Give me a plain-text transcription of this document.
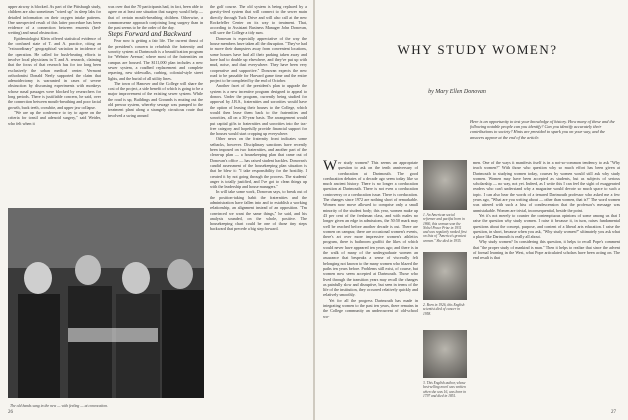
upper airway is blocked. As part of the Pittsburgh study, children are also sometimes "wired up" in sleep labs for detailed information on their oxygen intake patterns. One unexpected result of this latter procedure has been evidence of a connection between enuresis (bed-wetting) and nasal obstruction.

Epidemiologist Klein offered statistical evidence of the confused state of T. and A. practice, citing an "extraordinary" geographical variation in incidence of the operation. He called for bush-beating efforts to involve local physicians in T. and A. research, claiming that the focus of that research has for too long been exclusively the urban medical center. Vermont orthodontist Donald Neely supported the claim that adenoidectomy is warranted in cases of severe obstruction by discussing experiments with monkeys whose nasal passages were blocked by researchers for long periods. There is justifiable concern, he said, over the connection between mouth-breathing and poor facial growth, buck teeth, crossbite, and upper jaw collapse.

"We are up the conference to try to agree on the criteria for tonsil and adenoid surgery," said Weider, who felt when it

was over that the 70 participants had, in fact, been able to agree on at least one situation that surgery would help — that of certain mouth-breathing children. Otherwise, a commonsense approach conjoining long surgery than in the past seems to be the order of the day.

Steps Forward and Backward

Fear now is getting a fair life. The current thrust of the president's concern to refurbish the fraternity and sorority system at Dartmouth is a beautification program for 'Webster Avenue,' where most of the fraternities on campus are housed. The $111,000 plan includes a new sewer system, a roadbed replacement and complete repaving, new sidewalks, curbing, colonial-style street lights, and the burial of all utility lines.

The town of Hanover and the College will share the cost of the project, a side benefit of which is going to be a major improvement of the existing sewer system. While the road is up, Buildings and Grounds is muting out the old prewar system, whereby sewage was pumped to the treatment plant along a strangely circuitous route that involved a swing around

the golf course. The old system is being replaced by a gravity-feed system that will connect to the sewer main directly through Tuck Drive and will also call at the new Rockefeller Center on its way to treatment. That, according to Assistant Business Manager John Donovan, will save the College a tidy sum.

Donovan is especially appreciative of the way the house members have taken all the disruption. "They've had to move their dumpsters away from convenient locations, some houses have had all their parking taken away and have had to double up elsewhere, and they've put up with mud, noise, and dust everywhere. They have been very cooperative and supportive." Donovan expects the new road to be passable for Harvard game time and the entire project to be completed by the end of October.

Another facet of the president's plan to upgrade the system is a new incentive program designed to appeal to donors. Under the program, currently being studied for approval by J.B.S., fraternities and sororities would have the option of leasing their houses to the College, which would then lease them back to the fraternities and sororities, all on a 30-year basis. The arrangement would put capital gifts to fraternities and sororities into the tax-free category and hopefully provide financial support for the houses would start cropping up everywhere.

Other news on the fraternity front indicates some setbacks, however. Disciplinary sanctions have recently been imposed on two fraternities, and another part of the clean-up plan — a housekeeping plan that came out of Donovan's office — has raised student hackles. Donovan's candid assessment of the housekeeping plan situation is that he blew it: "I take responsibility for the hostility. I created it by not going through the process. The students' anger is totally justified, and I've got to clean things up with the leadership and house managers."

In will take some work, Donovan says, to break out of the position-taking habit the fraternities and the administration have fallen into and to establish a working relationship, an alignment instead of an opposition. "I'm convinced we want the same things," he said, and his analysis sounded, on the whole, positive. The housekeeping chart could be one of those tiny steps backward that precede a big step forward.

The old hands sang in the new — with feeling — at convocation.
26
WHY STUDY WOMEN?
by Mary Ellen Donovan
Here is an opportunity to test your knowledge of history. How many of these and the following notable people can you identify? Can you identify accurately their contributions to society? Hints are provided to spark you on your way, and the answers appear at the end of the article.

Wer study women? This seems an appropriate question to ask on the tenth anniversary of coeducation at Dartmouth. The good coeducation debates of a decade ago seem today like so much ancient history. There is no longer a coeducation question at Dartmouth. There is not even a coeducation controversy or a coeducation issue. There is coeducation. The changes since 1972 are nothing short of remarkable. Women now move allowed to comprise only a small minority of the student body; this year, women make up 43 per cent of the freshman class, and with males no longer given an edge in admissions, the 50:50 mark may well be reached before another decade is out. There are women on campus; there are occasional women's events, there's art over more impressive women's athletics program, there is bathroom graffiti the likes of which would never have appeared ten years ago; and there is in the walk of many of the undergraduate women an assurance that bespeaks a sense of viscerally felt belonging not known to the many women who blazed the paths ten years before. Problems still exist, of course, but women now seem accepted at Dartmouth. Those who lived through the transition years may recall the changes as painfully slow and disruptive, but seen in terms of the life of the institution, they occurred relatively quickly and relatively smoothly.

Yet for all the progress Dartmouth has made in integrating women to the past ten years, there remains in the College community an undercurrent of old-school wo-

1. An American social reformer and pacifist born in 1860, this woman won the Nobel Peace Prize in 1931 and was regularly ranked first on lists of "America's greatest women." She died in 1935.
2. Born in 1926, this English scientist died of cancer in 1958.
3. This English author, whose best-selling novel was written when she was 16, was born in 1797 and died in 1851.

men. One of the ways it manifests itself is in a not-so-common tendency to ask "Why teach women?" With those who question why so much effort has been given at Dartmouth to studying women today, courses by women would still ask why study women. Women may have been accepted as students, but as subjects of serious scholarship — no way, not yet. Indeed, as I write this I can feel the sight of exaggerated readers who can't understand why a magazine would devote so much space to such a topic. I can also hear the words of a tenured Dartmouth professor who asked me a few years ago, "What are you writing about — other than women, that is?" The word women was uttered with such a hiss of condescension that the professor's message was unmistakable. Women are trivial, inconsequential, beside the point.

Yet it's not merely to counter the contemptuous opinions of some among us that I raise the question why study women. I raise it because it, in turn, raises fundamental questions about the concept, purpose, and content of a liberal arts education. I raise the question, in short, because when you ask, "Why study women?" ultimately you ask what a place like Dartmouth is really all about.

Why study women? In considering this question, it helps to recall Pope's comment that "the proper study of mankind is man." Then it helps to realize that since the advent of formal learning in the West, what Pope articulated scholars have been acting on. The end result is that

27
